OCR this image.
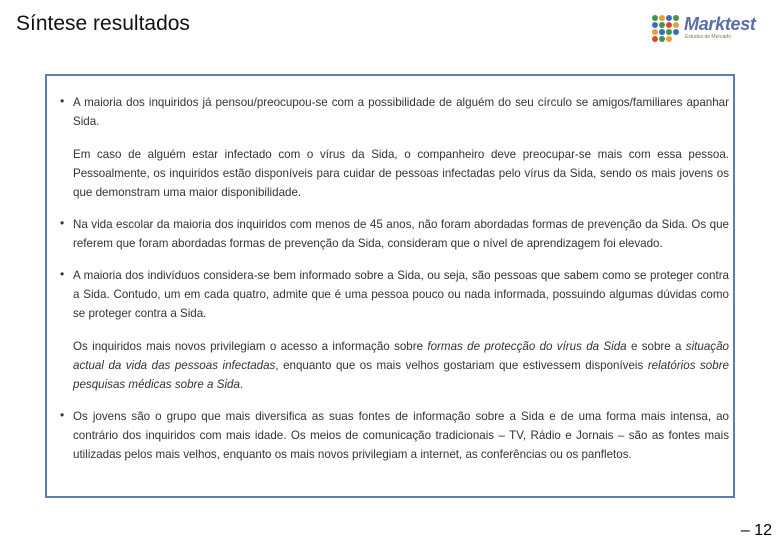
Síntese resultados	Marktest
Estudos de Mercado

• A maioria dos inquiridos já pensou/preocupou-se com a possibilidade de alguém do seu círculo se amigos/familiares apanhar Sida.

Em caso de alguém estar infectado com o vírus da Sida, o companheiro deve preocupar-se mais com essa pessoa. Pessoalmente, os inquiridos estão disponíveis para cuidar de pessoas infectadas pelo vírus da Sida, sendo os mais jovens os que demonstram uma maior disponibilidade.

• Na vida escolar da maioria dos inquiridos com menos de 45 anos, não foram abordadas formas de prevenção da Sida. Os que referem que foram abordadas formas de prevenção da Sida, consideram que o nível de aprendizagem foi elevado.

• A maioria dos indivíduos considera-se bem informado sobre a Sida, ou seja, são pessoas que sabem como se proteger contra a Sida. Contudo, um em cada quatro, admite que é uma pessoa pouco ou nada informada, possuindo algumas dúvidas como se proteger contra a Sida.

Os inquiridos mais novos privilegiam o acesso a informação sobre formas de protecção do vírus da Sida e sobre a situação actual da vida das pessoas infectadas, enquanto que os mais velhos gostariam que estivessem disponíveis relatórios sobre pesquisas médicas sobre a Sida.

• Os jovens são o grupo que mais diversifica as suas fontes de informação sobre a Sida e de uma forma mais intensa, ao contrário dos inquiridos com mais idade. Os meios de comunicação tradicionais – TV, Rádio e Jornais – são as fontes mais utilizadas pelos mais velhos, enquanto os mais novos privilegiam a internet, as conferências ou os panfletos.

– 12
